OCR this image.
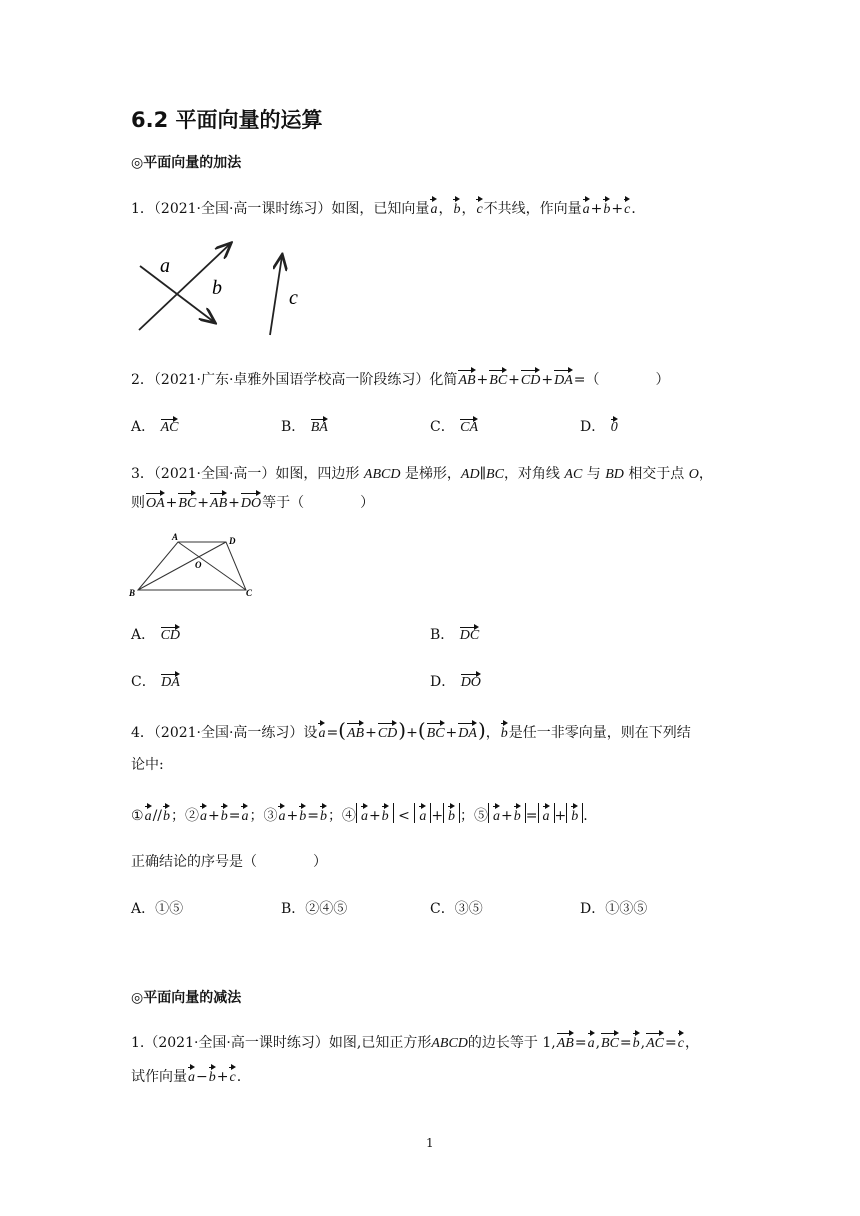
6.2 平面向量的运算
◎平面向量的加法
1．（2021·全国·高一课时练习）如图，已知向量a，b，c不共线，作向量a+b+c．
a
b	c
2．（2021·广东·卓雅外国语学校高一阶段练习）化简AB+BC+CD+DA=（　　　　）
A． AC	B． BA	C． CA	D． 0
3．（2021·全国·高一）如图，四边形 ABCD 是梯形，AD∥BC，对角线 AC 与 BD 相交于点 O，
则OA+BC+AB+DO等于（　　　　）
A	D
O
B	C
A． CD	B． DC
C． DA	D． DO
4．（2021·全国·高一练习）设a=(AB+CD)+(BC+DA)，b是任一非零向量，则在下列结
论中:
①a//b；②a+b=a；③a+b=b；④ a+b < a + b ；⑤ a+b = a + b .
正确结论的序号是（　　　　）
A．①⑤	B．②④⑤	C．③⑤	D．①③⑤
◎平面向量的减法
1.（2021·全国·高一课时练习）如图,已知正方形ABCD的边长等于 1,AB=a,BC=b,AC=c，
试作向量a−b+c.
1
